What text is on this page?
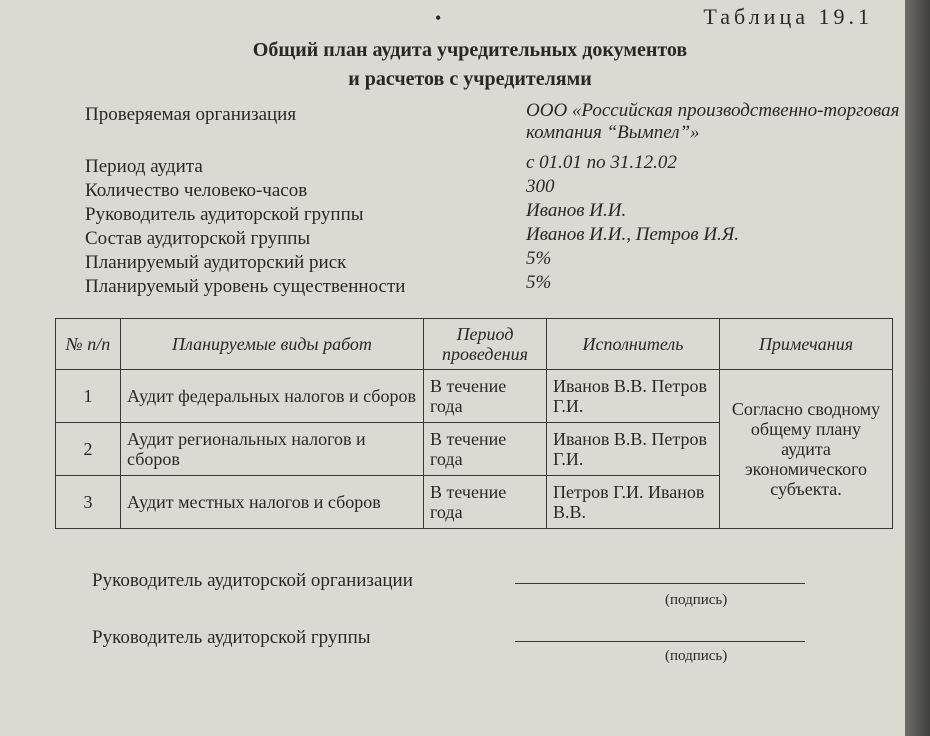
•	Таблица 19.1
Общий план аудита учредительных документов
и расчетов с учредителями
Проверяемая организация	ООО «Российская производственно-торговая компания “Вымпел”»
Период аудита	с 01.01 по 31.12.02
Количество человеко-часов	300
Руководитель аудиторской группы	Иванов И.И.
Состав аудиторской группы	Иванов И.И., Петров И.Я.
Планируемый аудиторский риск	5%
Планируемый уровень существенности	5%
№ п/п	Планируемые виды работ	Период проведения	Исполнитель	Примечания
1	Аудит федеральных налогов и сборов	В течение года	Иванов В.В. Петров Г.И.	Согласно сводному общему плану аудита экономического субъекта.
2	Аудит региональных налогов и сборов	В течение года	Иванов В.В. Петров Г.И.	
3	Аудит местных налогов и сборов	В течение года	Петров Г.И. Иванов В.В.	
Руководитель аудиторской организации
(подпись)
Руководитель аудиторской группы
(подпись)
